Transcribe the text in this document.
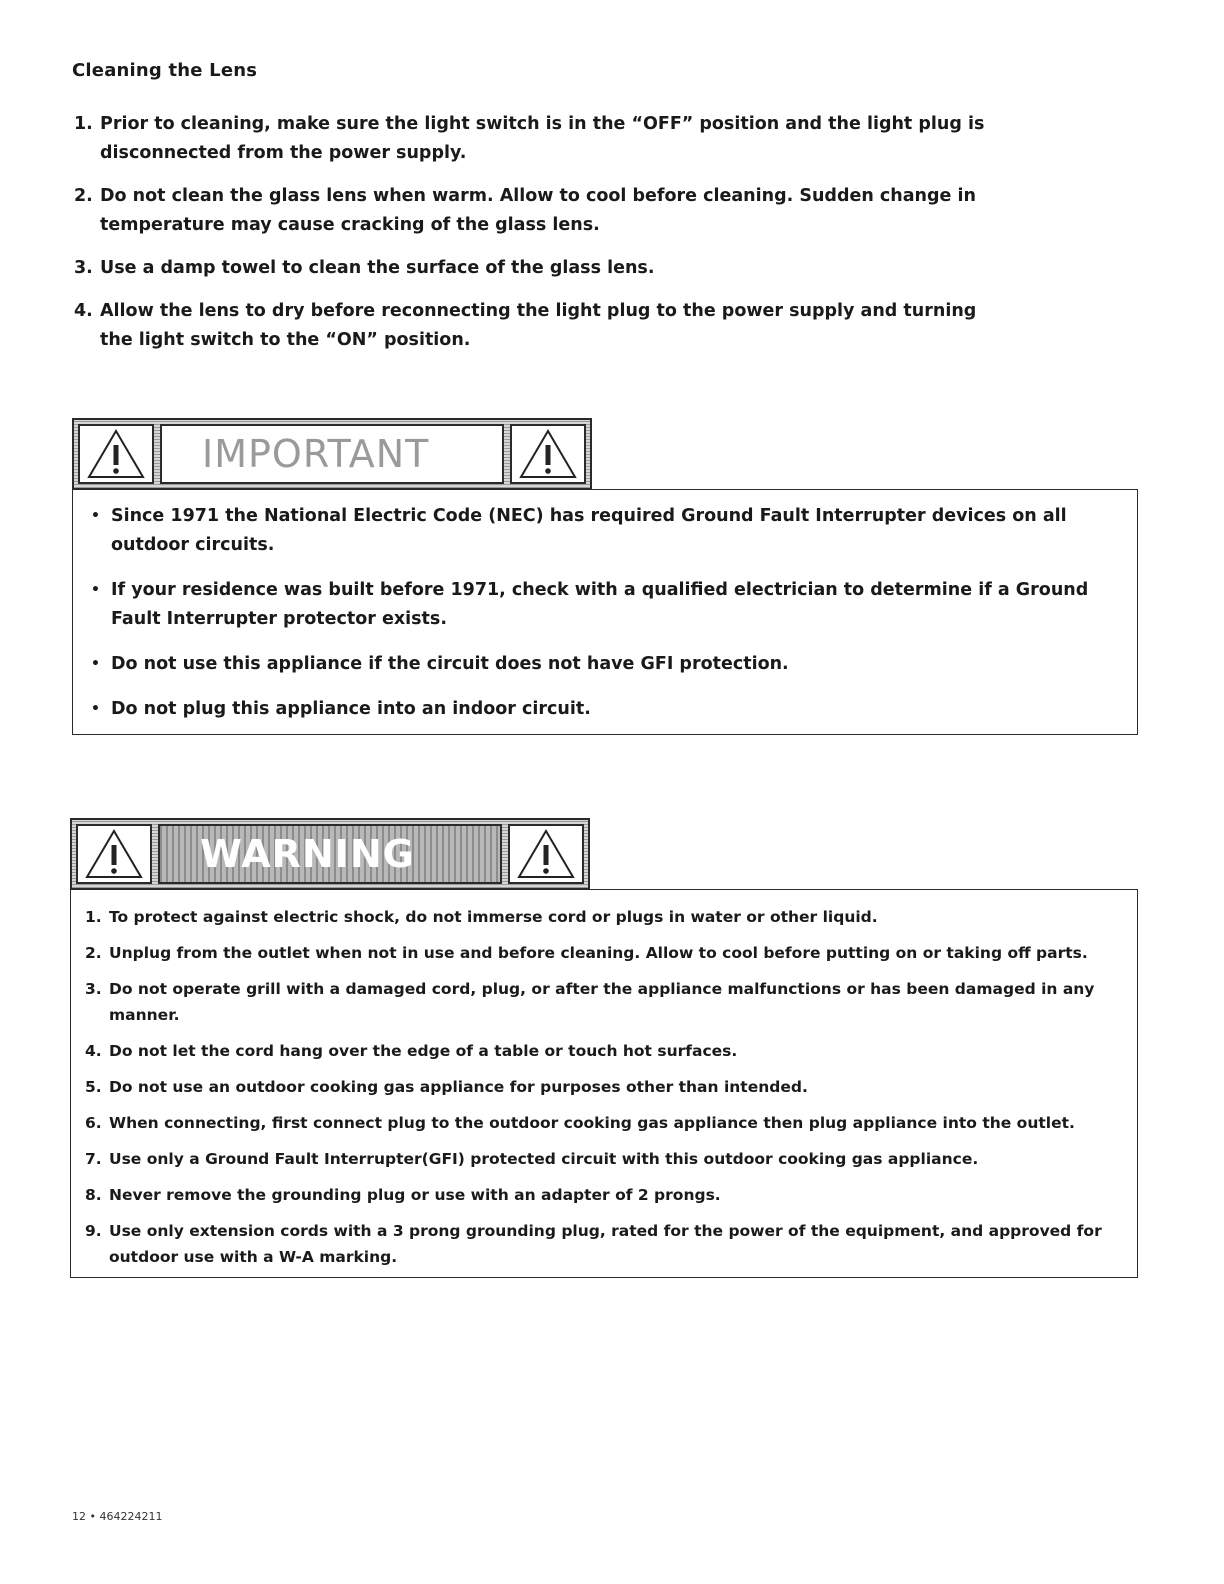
Cleaning the Lens
1. Prior to cleaning, make sure the light switch is in the “OFF” position and the light plug is disconnected from the power supply.
2. Do not clean the glass lens when warm. Allow to cool before cleaning. Sudden change in temperature may cause cracking of the glass lens.
3. Use a damp towel to clean the surface of the glass lens.
4. Allow the lens to dry before reconnecting the light plug to the power supply and turning the light switch to the “ON” position.
IMPORTANT
• Since 1971 the National Electric Code (NEC) has required Ground Fault Interrupter devices on all outdoor circuits.
• If your residence was built before 1971, check with a qualified electrician to determine if a Ground Fault Interrupter protector exists.
• Do not use this appliance if the circuit does not have GFI protection.
• Do not plug this appliance into an indoor circuit.
WARNING
1. To protect against electric shock, do not immerse cord or plugs in water or other liquid.
2. Unplug from the outlet when not in use and before cleaning. Allow to cool before putting on or taking off parts.
3. Do not operate grill with a damaged cord, plug, or after the appliance malfunctions or has been damaged in any manner.
4. Do not let the cord hang over the edge of a table or touch hot surfaces.
5. Do not use an outdoor cooking gas appliance for purposes other than intended.
6. When connecting, first connect plug to the outdoor cooking gas appliance then plug appliance into the outlet.
7. Use only a Ground Fault Interrupter(GFI) protected circuit with this outdoor cooking gas appliance.
8. Never remove the grounding plug or use with an adapter of 2 prongs.
9. Use only extension cords with a 3 prong grounding plug, rated for the power of the equipment, and approved for outdoor use with a W-A marking.
12 • 464224211
